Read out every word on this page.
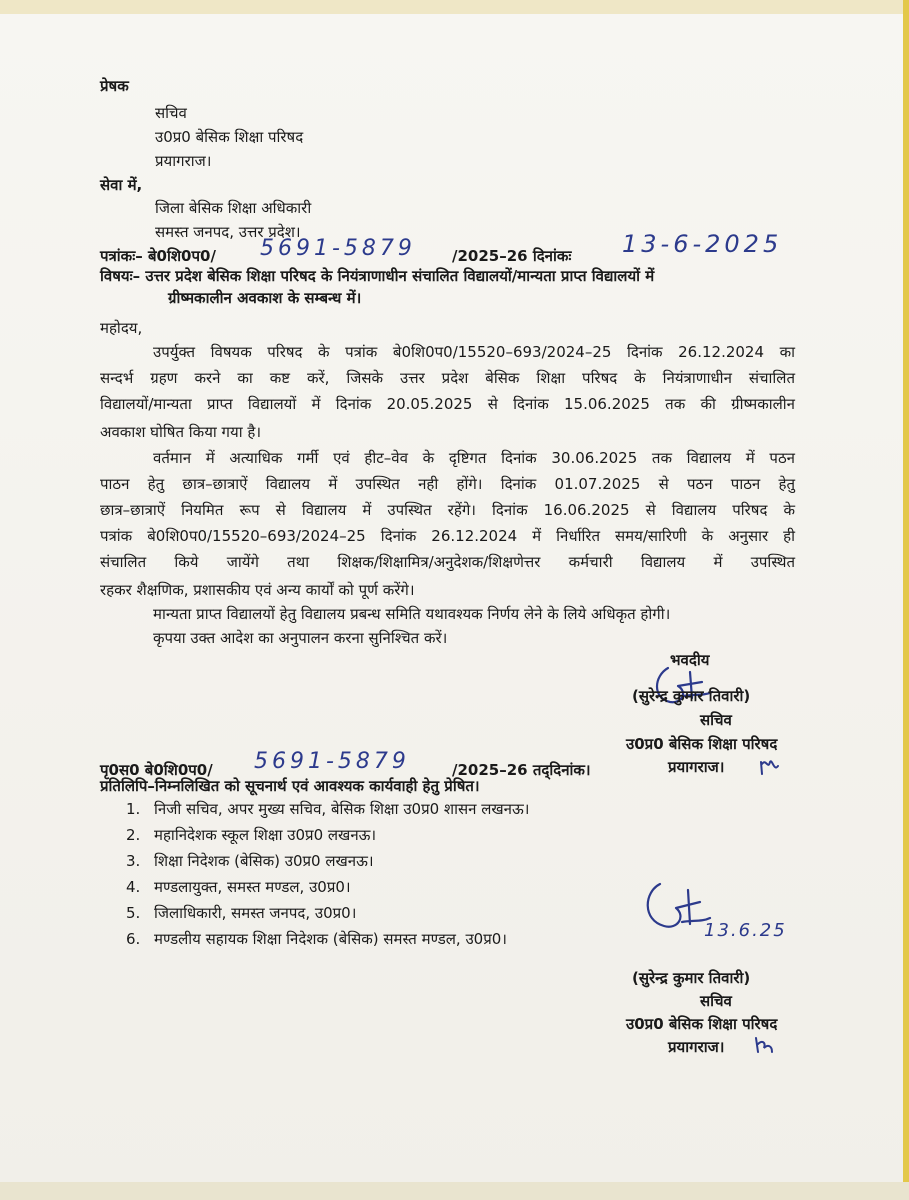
प्रेषक
सचिव
उ0प्र0 बेसिक शिक्षा परिषद
प्रयागराज।
सेवा में,
जिला बेसिक शिक्षा अधिकारी
समस्त जनपद, उत्तर प्रदेश।
पत्रांकः– बे0शि0प0/ 5691-5879 /2025–26 दिनांकः 13-6-2025
विषयः– उत्तर प्रदेश बेसिक शिक्षा परिषद के नियंत्राणाधीन संचालित विद्यालयों/मान्यता प्राप्त विद्यालयों में
ग्रीष्मकालीन अवकाश के सम्बन्ध में।
महोदय,
उपर्युक्त विषयक परिषद के पत्रांक बे0शि0प0/15520–693/2024–25 दिनांक 26.12.2024 का
सन्दर्भ ग्रहण करने का कष्ट करें, जिसके उत्तर प्रदेश बेसिक शिक्षा परिषद के नियंत्राणाधीन संचालित
विद्यालयों/मान्यता प्राप्त विद्यालयों में दिनांक 20.05.2025 से दिनांक 15.06.2025 तक की ग्रीष्मकालीन
अवकाश घोषित किया गया है।
वर्तमान में अत्याधिक गर्मी एवं हीट–वेव के दृष्टिगत दिनांक 30.06.2025 तक विद्यालय में पठन
पाठन हेतु छात्र–छात्राऐं विद्यालय में उपस्थित नही होंगे। दिनांक 01.07.2025 से पठन पाठन हेतु
छात्र–छात्राऐं नियमित रूप से विद्यालय में उपस्थित रहेंगे। दिनांक 16.06.2025 से विद्यालय परिषद के
पत्रांक बे0शि0प0/15520–693/2024–25 दिनांक 26.12.2024 में निर्धारित समय/सारिणी के अनुसार ही
संचालित किये जायेंगे तथा शिक्षक/शिक्षामित्र/अनुदेशक/शिक्षणेत्तर कर्मचारी विद्यालय में उपस्थित
रहकर शैक्षणिक, प्रशासकीय एवं अन्य कार्यों को पूर्ण करेंगे।
मान्यता प्राप्त विद्यालयों हेतु विद्यालय प्रबन्ध समिति यथावश्यक निर्णय लेने के लिये अधिकृत होगी।
कृपया उक्त आदेश का अनुपालन करना सुनिश्चित करें।
भवदीय
(सुरेन्द्र कुमार तिवारी)
सचिव
उ0प्र0 बेसिक शिक्षा परिषद
प्रयागराज।
पृ0स0 बे0शि0प0/ 5691-5879	/2025–26 तद्‌दिनांक।
प्रतिलिपि–निम्नलिखित को सूचनार्थ एवं आवश्यक कार्यवाही हेतु प्रेषित।
1. निजी सचिव, अपर मुख्य सचिव, बेसिक शिक्षा उ0प्र0 शासन लखनऊ।
2. महानिदेशक स्कूल शिक्षा उ0प्र0 लखनऊ।
3. शिक्षा निदेशक (बेसिक) उ0प्र0 लखनऊ।
4. मण्डलायुक्त, समस्त मण्डल, उ0प्र0।
5. जिलाधिकारी, समस्त जनपद, उ0प्र0।
6. मण्डलीय सहायक शिक्षा निदेशक (बेसिक) समस्त मण्डल, उ0प्र0।	13.6.25
(सुरेन्द्र कुमार तिवारी)
सचिव
उ0प्र0 बेसिक शिक्षा परिषद
प्रयागराज।
